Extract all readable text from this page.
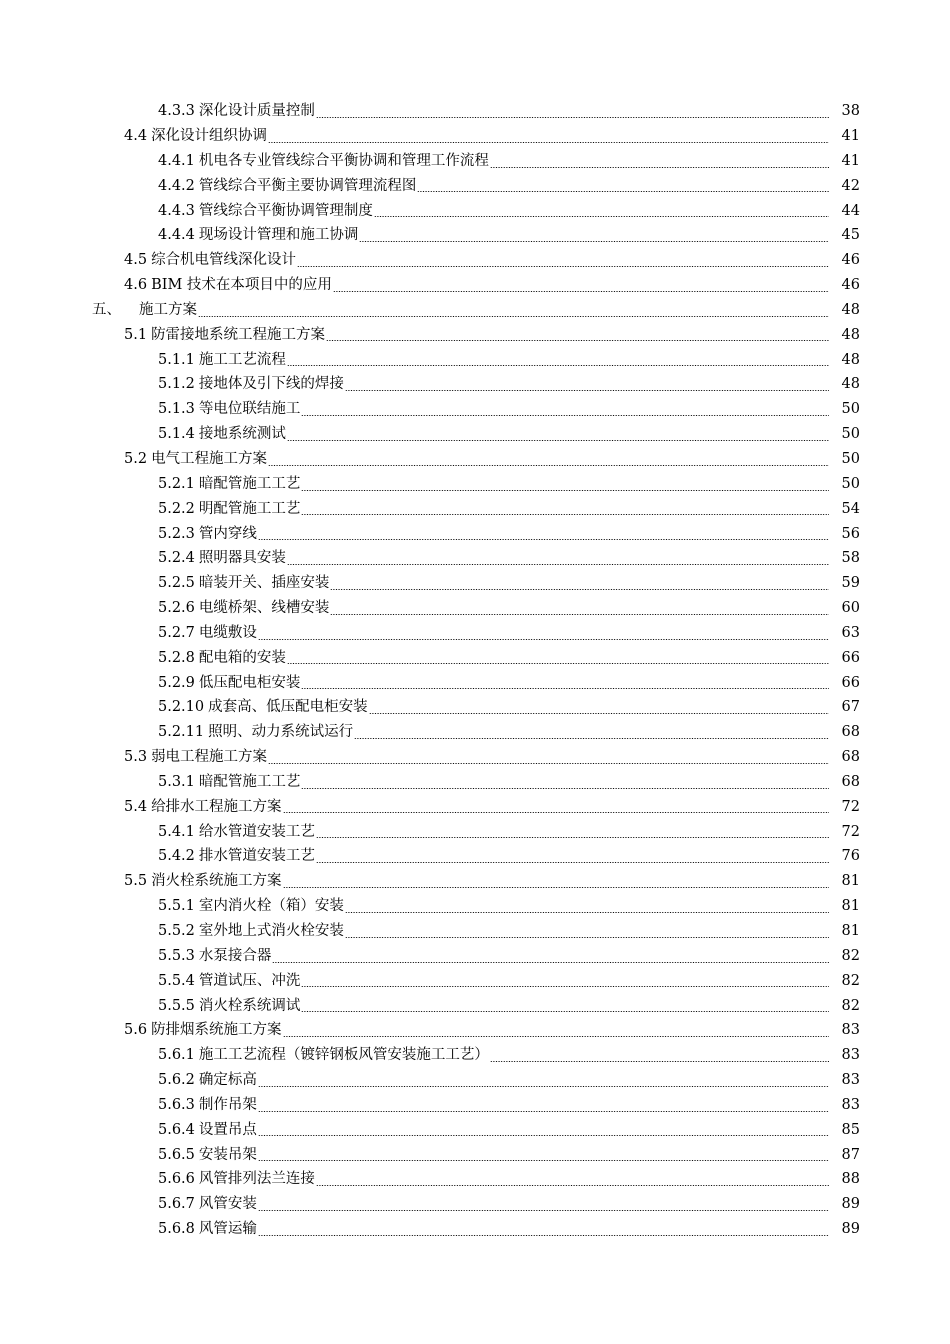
4.3.3 深化设计质量控制	38
4.4 深化设计组织协调	41
4.4.1 机电各专业管线综合平衡协调和管理工作流程	41
4.4.2 管线综合平衡主要协调管理流程图	42
4.4.3 管线综合平衡协调管理制度	44
4.4.4 现场设计管理和施工协调	45
4.5 综合机电管线深化设计	46
4.6 BIM 技术在本项目中的应用	46
五、 施工方案	48
5.1 防雷接地系统工程施工方案	48
5.1.1 施工工艺流程	48
5.1.2 接地体及引下线的焊接	48
5.1.3 等电位联结施工	50
5.1.4 接地系统测试	50
5.2 电气工程施工方案	50
5.2.1 暗配管施工工艺	50
5.2.2 明配管施工工艺	54
5.2.3 管内穿线	56
5.2.4 照明器具安装	58
5.2.5 暗装开关、插座安装	59
5.2.6 电缆桥架、线槽安装	60
5.2.7 电缆敷设	63
5.2.8 配电箱的安装	66
5.2.9 低压配电柜安装	66
5.2.10 成套高、低压配电柜安装	67
5.2.11 照明、动力系统试运行	68
5.3 弱电工程施工方案	68
5.3.1 暗配管施工工艺	68
5.4 给排水工程施工方案	72
5.4.1 给水管道安装工艺	72
5.4.2 排水管道安装工艺	76
5.5 消火栓系统施工方案	81
5.5.1 室内消火栓（箱）安装	81
5.5.2 室外地上式消火栓安装	81
5.5.3 水泵接合器	82
5.5.4 管道试压、冲洗	82
5.5.5 消火栓系统调试	82
5.6 防排烟系统施工方案	83
5.6.1 施工工艺流程（镀锌钢板风管安装施工工艺）	83
5.6.2 确定标高	83
5.6.3 制作吊架	83
5.6.4 设置吊点	85
5.6.5 安装吊架	87
5.6.6 风管排列法兰连接	88
5.6.7 风管安装	89
5.6.8 风管运输	89
